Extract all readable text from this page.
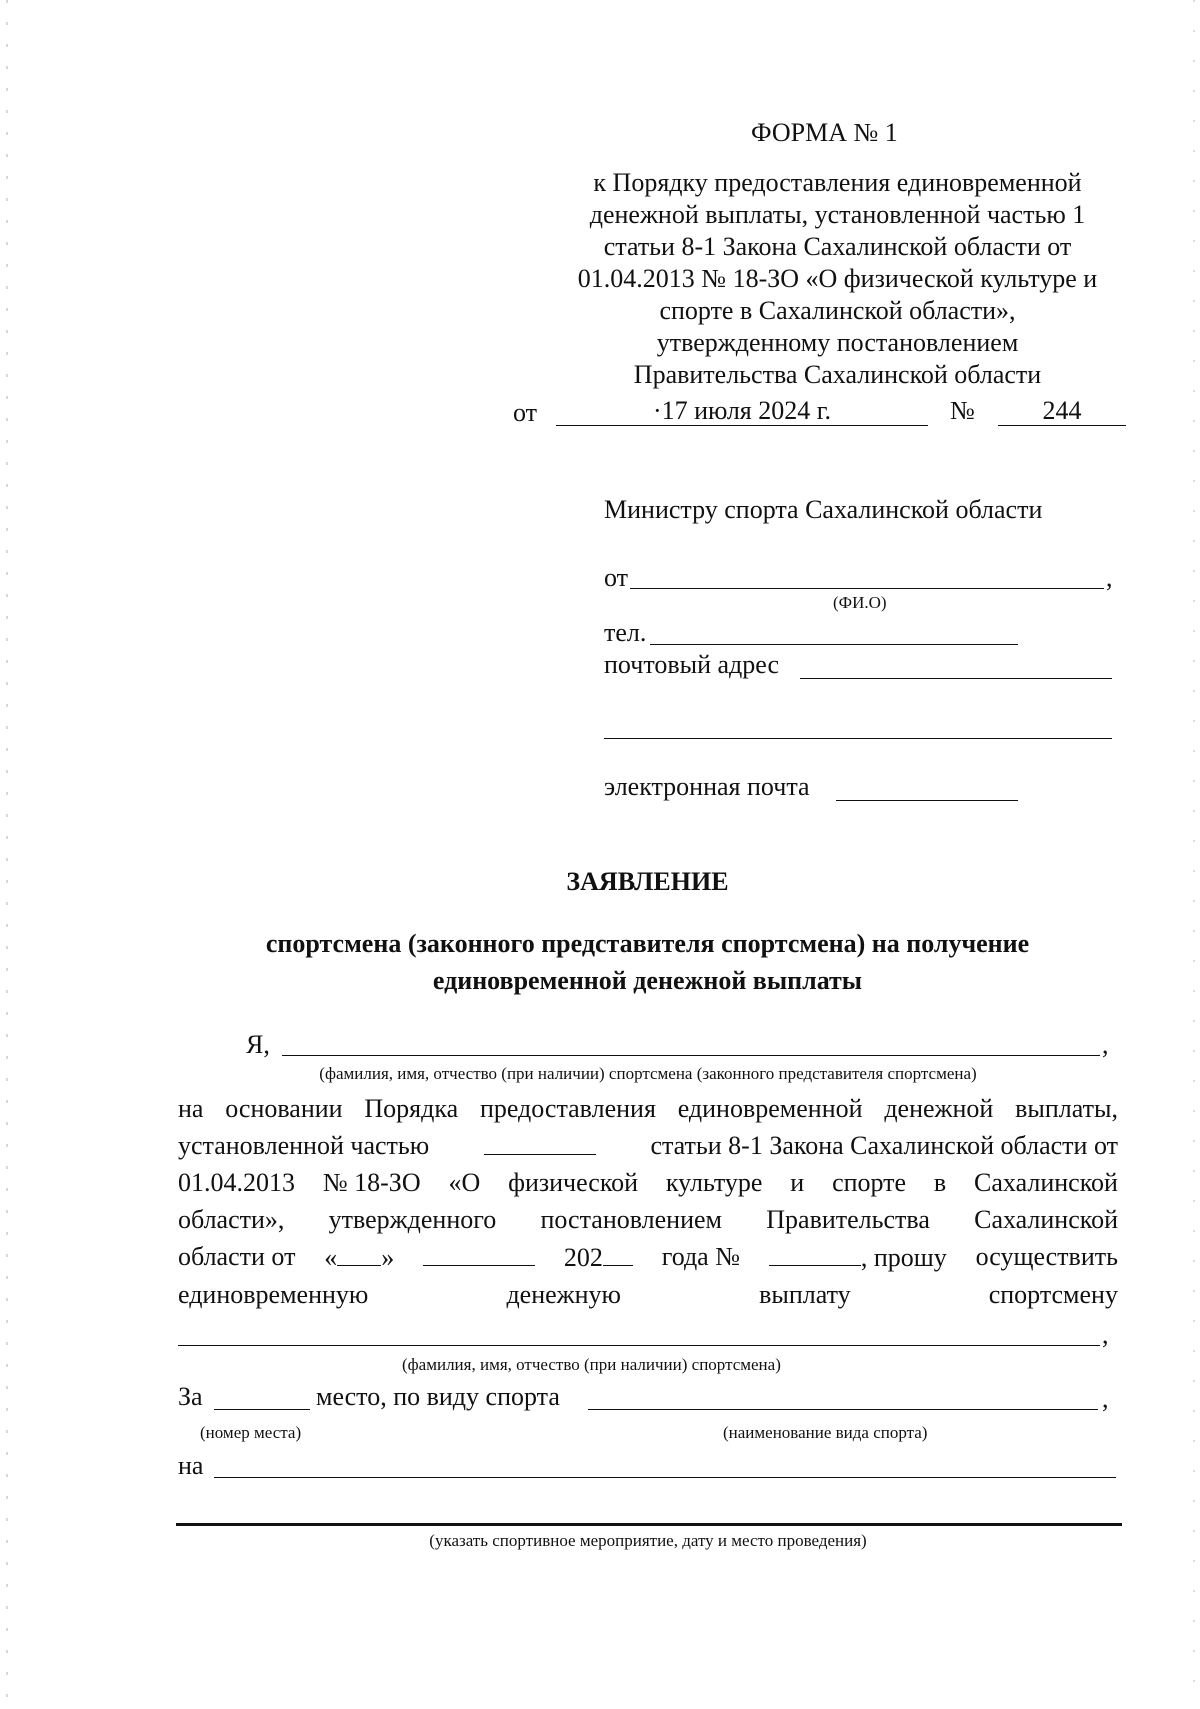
ФОРМА № 1
к Порядку предоставления единовременной
денежной выплаты, установленной частью 1
статьи 8-1 Закона Сахалинской области от
01.04.2013 № 18-ЗО «О физической культуре и
спорте в Сахалинской области»,
утвержденному постановлением
Правительства Сахалинской области
от	·17 июля 2024 г.	№	244
Министру спорта Сахалинской области
от	,
(ФИ.О)
тел.
почтовый адрес
электронная почта
ЗАЯВЛЕНИЕ
спортсмена (законного представителя спортсмена) на получение
единовременной денежной выплаты
Я,	,
(фамилия, имя, отчество (при наличии) спортсмена (законного представителя спортсмена)
на основании Порядка предоставления единовременной денежной выплаты,
установленной частью	статьи 8-1 Закона Сахалинской области от
01.04.2013 № 18-ЗО «О физической культуре и спорте в Сахалинской
области», утвержденного постановлением Правительства Сахалинской
области от « »	202	года №	, прошу осуществить
единовременную	денежную	выплату	спортсмену
,
(фамилия, имя, отчество (при наличии) спортсмена)
За	место, по виду спорта	,
(номер места)	(наименование вида спорта)
на
(указать спортивное мероприятие, дату и место проведения)
